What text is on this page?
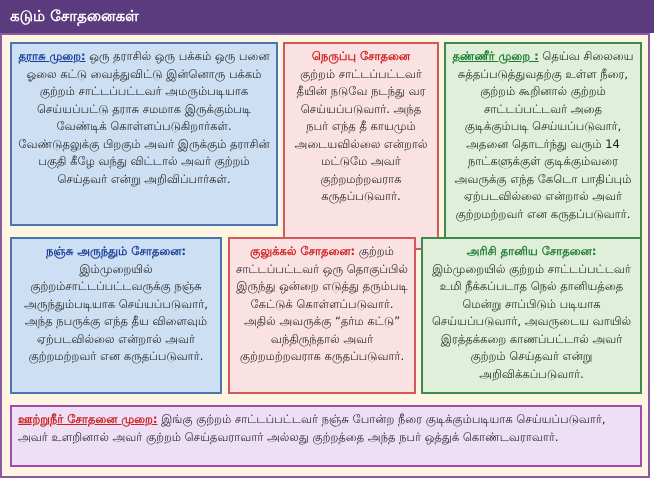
கடும் சோதனைகள்
தராசு முறை: ஒரு தராசில் ஒரு பக்கம் ஒரு பனை ஓலை கட்டு வைத்துவிட்டு இன்னொரு பக்கம் குற்றம் சாட்டப்பட்டவர் அமரும்படியாக செய்யப்பட்டு தராசு சமமாக இருக்கும்படி வேண்டிக் கொள்ளப்படுகிறார்கள். வேண்டுதலுக்கு பிறகும் அவர் இருக்கும் தராசின் பகுதி கீழே வந்து விட்டால் அவர் குற்றம் செய்தவர் என்று அறிவிப்பார்கள்.
நெருப்பு சோதனை
குற்றம் சாட்டப்பட்டவர் தீயின் நடுவே நடந்து வர செய்யப்படுவார். அந்த நபர் எந்த தீ காயமும் அடையவில்லை என்றால் மட்டுமே அவர் குற்றமற்றவராக கருதப்படுவார்.
தண்ணீர் முறை : தெய்வ சிலையை சுத்தப்படுத்துவதற்கு உள்ள நீரை, குற்றம் கூறினால் குற்றம் சாட்டப்பட்டவர் அதை குடிக்கும்படி செய்யப்படுவார், அதனை தொடர்ந்து வரும் 14 நாட்களுக்குள் குடிக்கும்வரை அவருக்கு எந்த கேடொ பாதிப்பும் ஏற்படவில்லை என்றால் அவர் குற்றமற்றவர் என கருதப்படுவார்.
நஞ்சு அருந்தும் சோதனை:
இம்முறையில் குற்றம்சாட்டப்பட்டவருக்கு நஞ்சு அருந்தும்படியாக செய்யப்படுவார், அந்த நபருக்கு எந்த தீய விளைவும் ஏற்படவில்லை என்றால் அவர் குற்றமற்றவர் என கருதப்படுவார்.
குலுக்கல் சோதனை: குற்றம் சாட்டப்பட்டவர் ஒரு தொகுப்பில் இருந்து ஒன்றை எடுத்து தரும்படி கேட்டுக் கொள்ளப்படுவார். அதில் அவருக்கு “தர்ம கட்டு” வந்திருந்தால் அவர் குற்றமற்றவராக கருதப்படுவார்.
அரிசி தானிய சோதனை:
இம்முறையில் குற்றம் சாட்டப்பட்டவர் உமி நீக்கப்படாத நெல் தானியத்தை மென்று சாப்பிடும் படியாக செய்யப்படுவார், அவருடைய வாயில் இரத்தக்கறை காணப்பட்டால் அவர் குற்றம் செய்தவர் என்று அறிவிக்கப்படுவார்.
ஊற்றுநீர் சோதனை முறை: இங்கு குற்றம் சாட்டப்பட்டவர் நஞ்சு போன்ற நீரை குடிக்கும்படியாக செய்யப்படுவார், அவர் உளறினால் அவர் குற்றம் செய்தவராவார் அல்லது குற்றத்தை அந்த நபர் ஒத்துக் கொண்டவராவார்.
